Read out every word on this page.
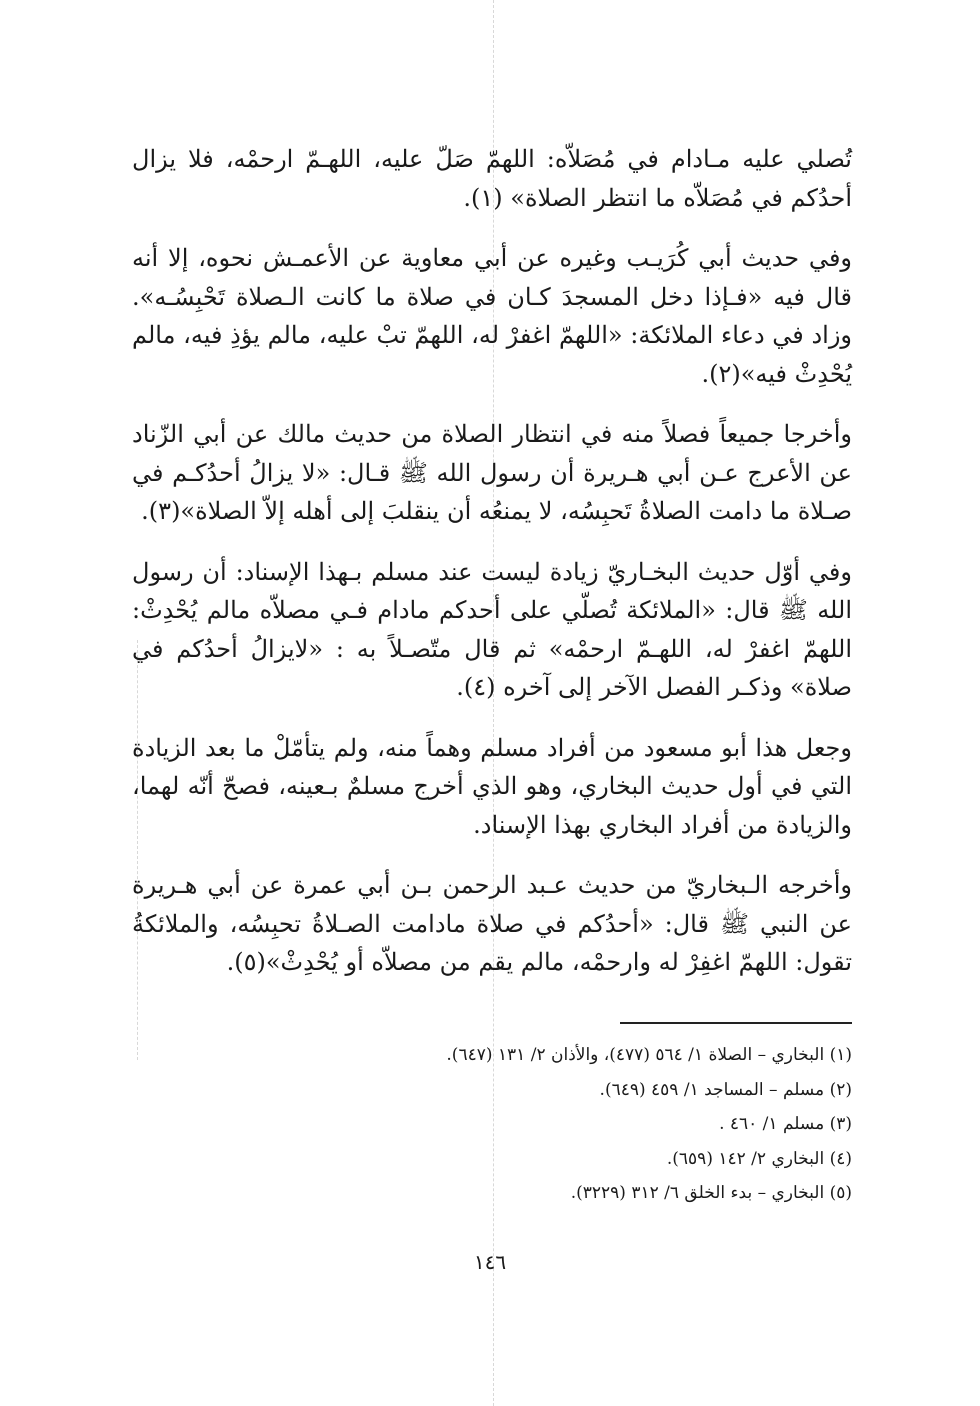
تُصلي عليه مـادام في مُصَلاّه: اللهمّ صَلّ عليه، اللهـمّ ارحمْه، فلا يزال أحدُكم في مُصَلاّه ما انتظر الصلاة» (١).

وفي حديث أبي كُرَيـب وغيره عن أبي معاوية عن الأعمـش نحوه، إلا أنه قال فيه «فـإذا دخل المسجدَ كـان في صلاة ما كانت الـصلاة تَحْبِسُـه». وزاد في دعاء الملائكة: «اللهمّ اغفرْ له، اللهمّ تبْ عليه، مالم يؤذِ فيه، مالم يُحْدِثْ فيه»(٢).

وأخرجا جميعاً فصلاً منه في انتظار الصلاة من حديث مالك عن أبي الزّناد عن الأعرج عـن أبي هـريرة أن رسول الله ﷺ قـال: «لا يزالُ أحدُكـم في صـلاة ما دامت الصلاةُ تَحبِسُه، لا يمنعُه أن ينقلبَ إلى أهله إلاّ الصلاة»(٣).

وفي أوّل حديث البخـاريّ زيادة ليست عند مسلم بـهذا الإسناد: أن رسول الله ﷺ قال: «الملائكة تُصلّي على أحدكم مادام فـي مصلاّه مالم يُحْدِثْ: اللهمّ اغفرْ له، اللهـمّ ارحمْه» ثم قال متّصـلاً به : «لايزالُ أحدُكم في صلاة» وذكـر الفصل الآخر إلى آخره (٤).

وجعل هذا أبو مسعود من أفراد مسلم وهماً منه، ولم يتأمّلْ ما بعد الزيادة التي في أول حديث البخاري، وهو الذي أخرج مسلمٌ بـعينه، فصحّ أنّه لهما، والزيادة من أفراد البخاري بهذا الإسناد.

وأخرجه الـبخاريّ من حديث عـبد الرحمن بـن أبي عمرة عن أبي هـريرة عن النبي ﷺ قال: «أحدُكم في صلاة مادامت الصـلاةُ تحبِسُه، والملائكةُ تقول: اللهمّ اغفِرْ له وارحمْه، مالم يقم من مصلاّه أو يُحْدِثْ»(٥).

(١) البخاري – الصلاة ١/ ٥٦٤ (٤٧٧)، والأذان ٢/ ١٣١ (٦٤٧).

(٢) مسلم – المساجد ١/ ٤٥٩ (٦٤٩).

(٣) مسلم ١/ ٤٦٠ .

(٤) البخاري ٢/ ١٤٢ (٦٥٩).

(٥) البخاري – بدء الخلق ٦/ ٣١٢ (٣٢٢٩).

١٤٦
